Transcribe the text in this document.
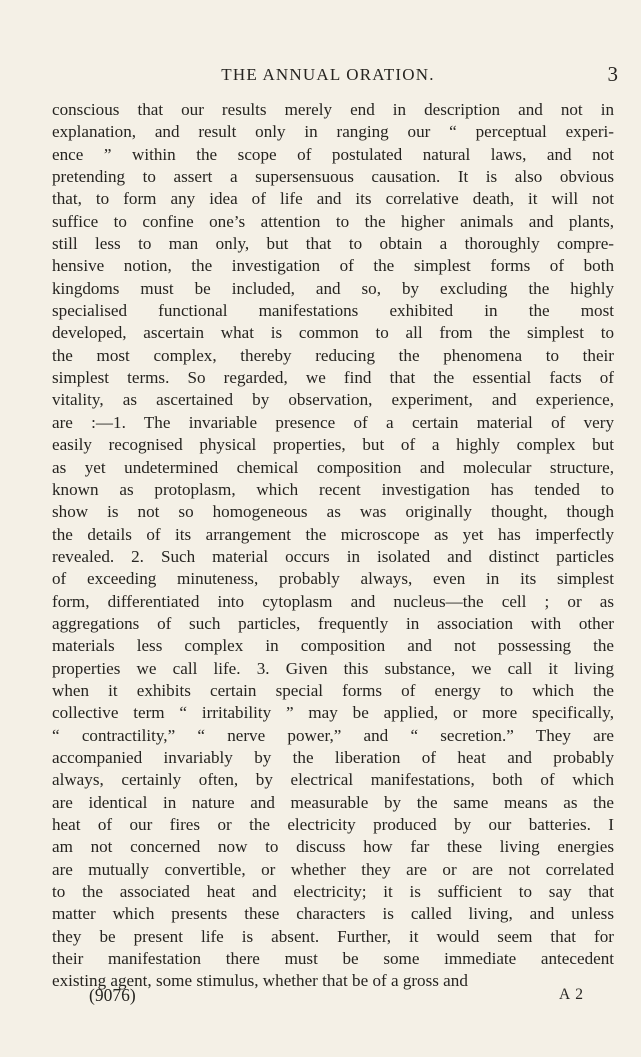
THE ANNUAL ORATION.	3
conscious that our results merely end in description and not in
explanation, and result only in ranging our “ perceptual experi-
ence ” within the scope of postulated natural laws, and not
pretending to assert a supersensuous causation. It is also obvious
that, to form any idea of life and its correlative death, it will not
suffice to confine one’s attention to the higher animals and plants,
still less to man only, but that to obtain a thoroughly compre-
hensive notion, the investigation of the simplest forms of both
kingdoms must be included, and so, by excluding the highly
specialised functional manifestations exhibited in the most
developed, ascertain what is common to all from the simplest to
the most complex, thereby reducing the phenomena to their
simplest terms. So regarded, we find that the essential facts of
vitality, as ascertained by observation, experiment, and experience,
are :—1. The invariable presence of a certain material of very
easily recognised physical properties, but of a highly complex but
as yet undetermined chemical composition and molecular structure,
known as protoplasm, which recent investigation has tended to
show is not so homogeneous as was originally thought, though
the details of its arrangement the microscope as yet has imperfectly
revealed. 2. Such material occurs in isolated and distinct particles
of exceeding minuteness, probably always, even in its simplest
form, differentiated into cytoplasm and nucleus—the cell ; or as
aggregations of such particles, frequently in association with other
materials less complex in composition and not possessing the
properties we call life. 3. Given this substance, we call it living
when it exhibits certain special forms of energy to which the
collective term “ irritability ” may be applied, or more specifically,
“ contractility,” “ nerve power,” and “ secretion.” They are
accompanied invariably by the liberation of heat and probably
always, certainly often, by electrical manifestations, both of which
are identical in nature and measurable by the same means as the
heat of our fires or the electricity produced by our batteries. I
am not concerned now to discuss how far these living energies
are mutually convertible, or whether they are or are not correlated
to the associated heat and electricity; it is sufficient to say that
matter which presents these characters is called living, and unless
they be present life is absent. Further, it would seem that for
their manifestation there must be some immediate antecedent
existing agent, some stimulus, whether that be of a gross and
(9076)	A 2
